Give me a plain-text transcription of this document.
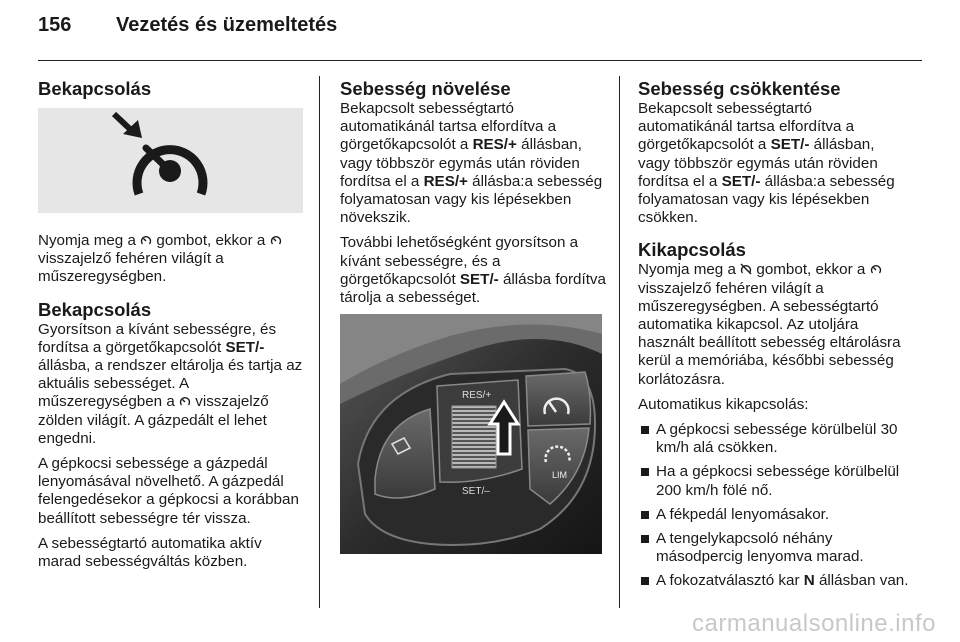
156 Vezetés és üzemeltetés
Bekapcsolás

Nyomja meg a gombot, ekkor a  visszajelző fehéren világít a műszeregységben.

Bekapcsolás

Gyorsítson a kívánt sebességre, és fordítsa a görgetőkapcsolót SET/- állásba, a rendszer eltárolja és tartja az aktuális sebességet. A műszeregységben a visszajelző zölden világít. A gázpedált el lehet engedni.

A gépkocsi sebessége a gázpedál lenyomásával növelhető. A gázpedál felengedésekor a gépkocsi a korábban beállított sebességre tér vissza.

A sebességtartó automatika aktív marad sebességváltás közben.

Sebesség növelése

Bekapcsolt sebességtartó automatikánál tartsa elfordítva a görgetőkapcsolót a RES/+ állásban, vagy többször egymás után röviden fordítsa el a RES/+ állásba:a sebesség folyamatosan vagy kis lépésekben növekszik.

További lehetőségként gyorsítson a kívánt sebességre, és a görgetőkapcsolót SET/- állásba fordítva tárolja a sebességet.

RES/+
SET/–
LIM
Sebesség csökkentése

Bekapcsolt sebességtartó automatikánál tartsa elfordítva a görgetőkapcsolót a SET/- állásban, vagy többször egymás után röviden fordítsa el a SET/- állásba:a sebesség folyamatosan vagy kis lépésekben csökken.

Kikapcsolás

Nyomja meg a gombot, ekkor a  visszajelző fehéren világít a műszeregységben. A sebességtartó automatika kikapcsol. Az utoljára használt beállított sebesség eltárolásra kerül a memóriába, későbbi sebesség korlátozásra.

Automatikus kikapcsolás:

A gépkocsi sebessége körülbelül 30 km/h alá csökken.
Ha a gépkocsi sebessége körülbelül 200 km/h fölé nő.
A fékpedál lenyomásakor.
A tengelykapcsoló néhány másodpercig lenyomva marad.
A fokozatválasztó kar N állásban van.
carmanualsonline.info
